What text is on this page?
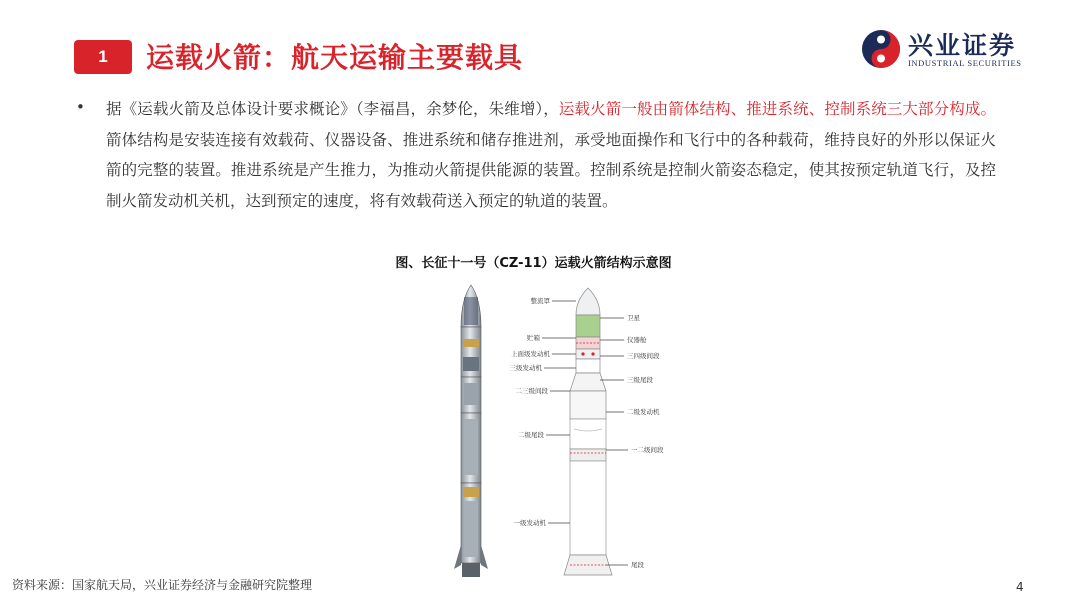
1	运载火箭：航天运输主要载具	兴业证券
INDUSTRIAL SECURITIES
• 据《运载火箭及总体设计要求概论》（李福昌，余梦伦，朱维增），运载火箭一般由箭体结构、推进系统、控制系统三大部分构成。箭体结构是安装连接有效载荷、仪器设备、推进系统和储存推进剂，承受地面操作和飞行中的各种载荷，维持良好的外形以保证火箭的完整的装置。推进系统是产生推力，为推动火箭提供能源的装置。控制系统是控制火箭姿态稳定，使其按预定轨道飞行，及控制火箭发动机关机，达到预定的速度，将有效载荷送入预定的轨道的装置。
图、长征十一号（CZ-11）运载火箭结构示意图
整流罩
卫星
贮箱	仪器舱
上面级发动机	三四级间段
三级发动机
三级尾段
二三级间段
二级发动机
二级尾段
一二级间段
一级发动机
尾段
资料来源：国家航天局，兴业证券经济与金融研究院整理	4
